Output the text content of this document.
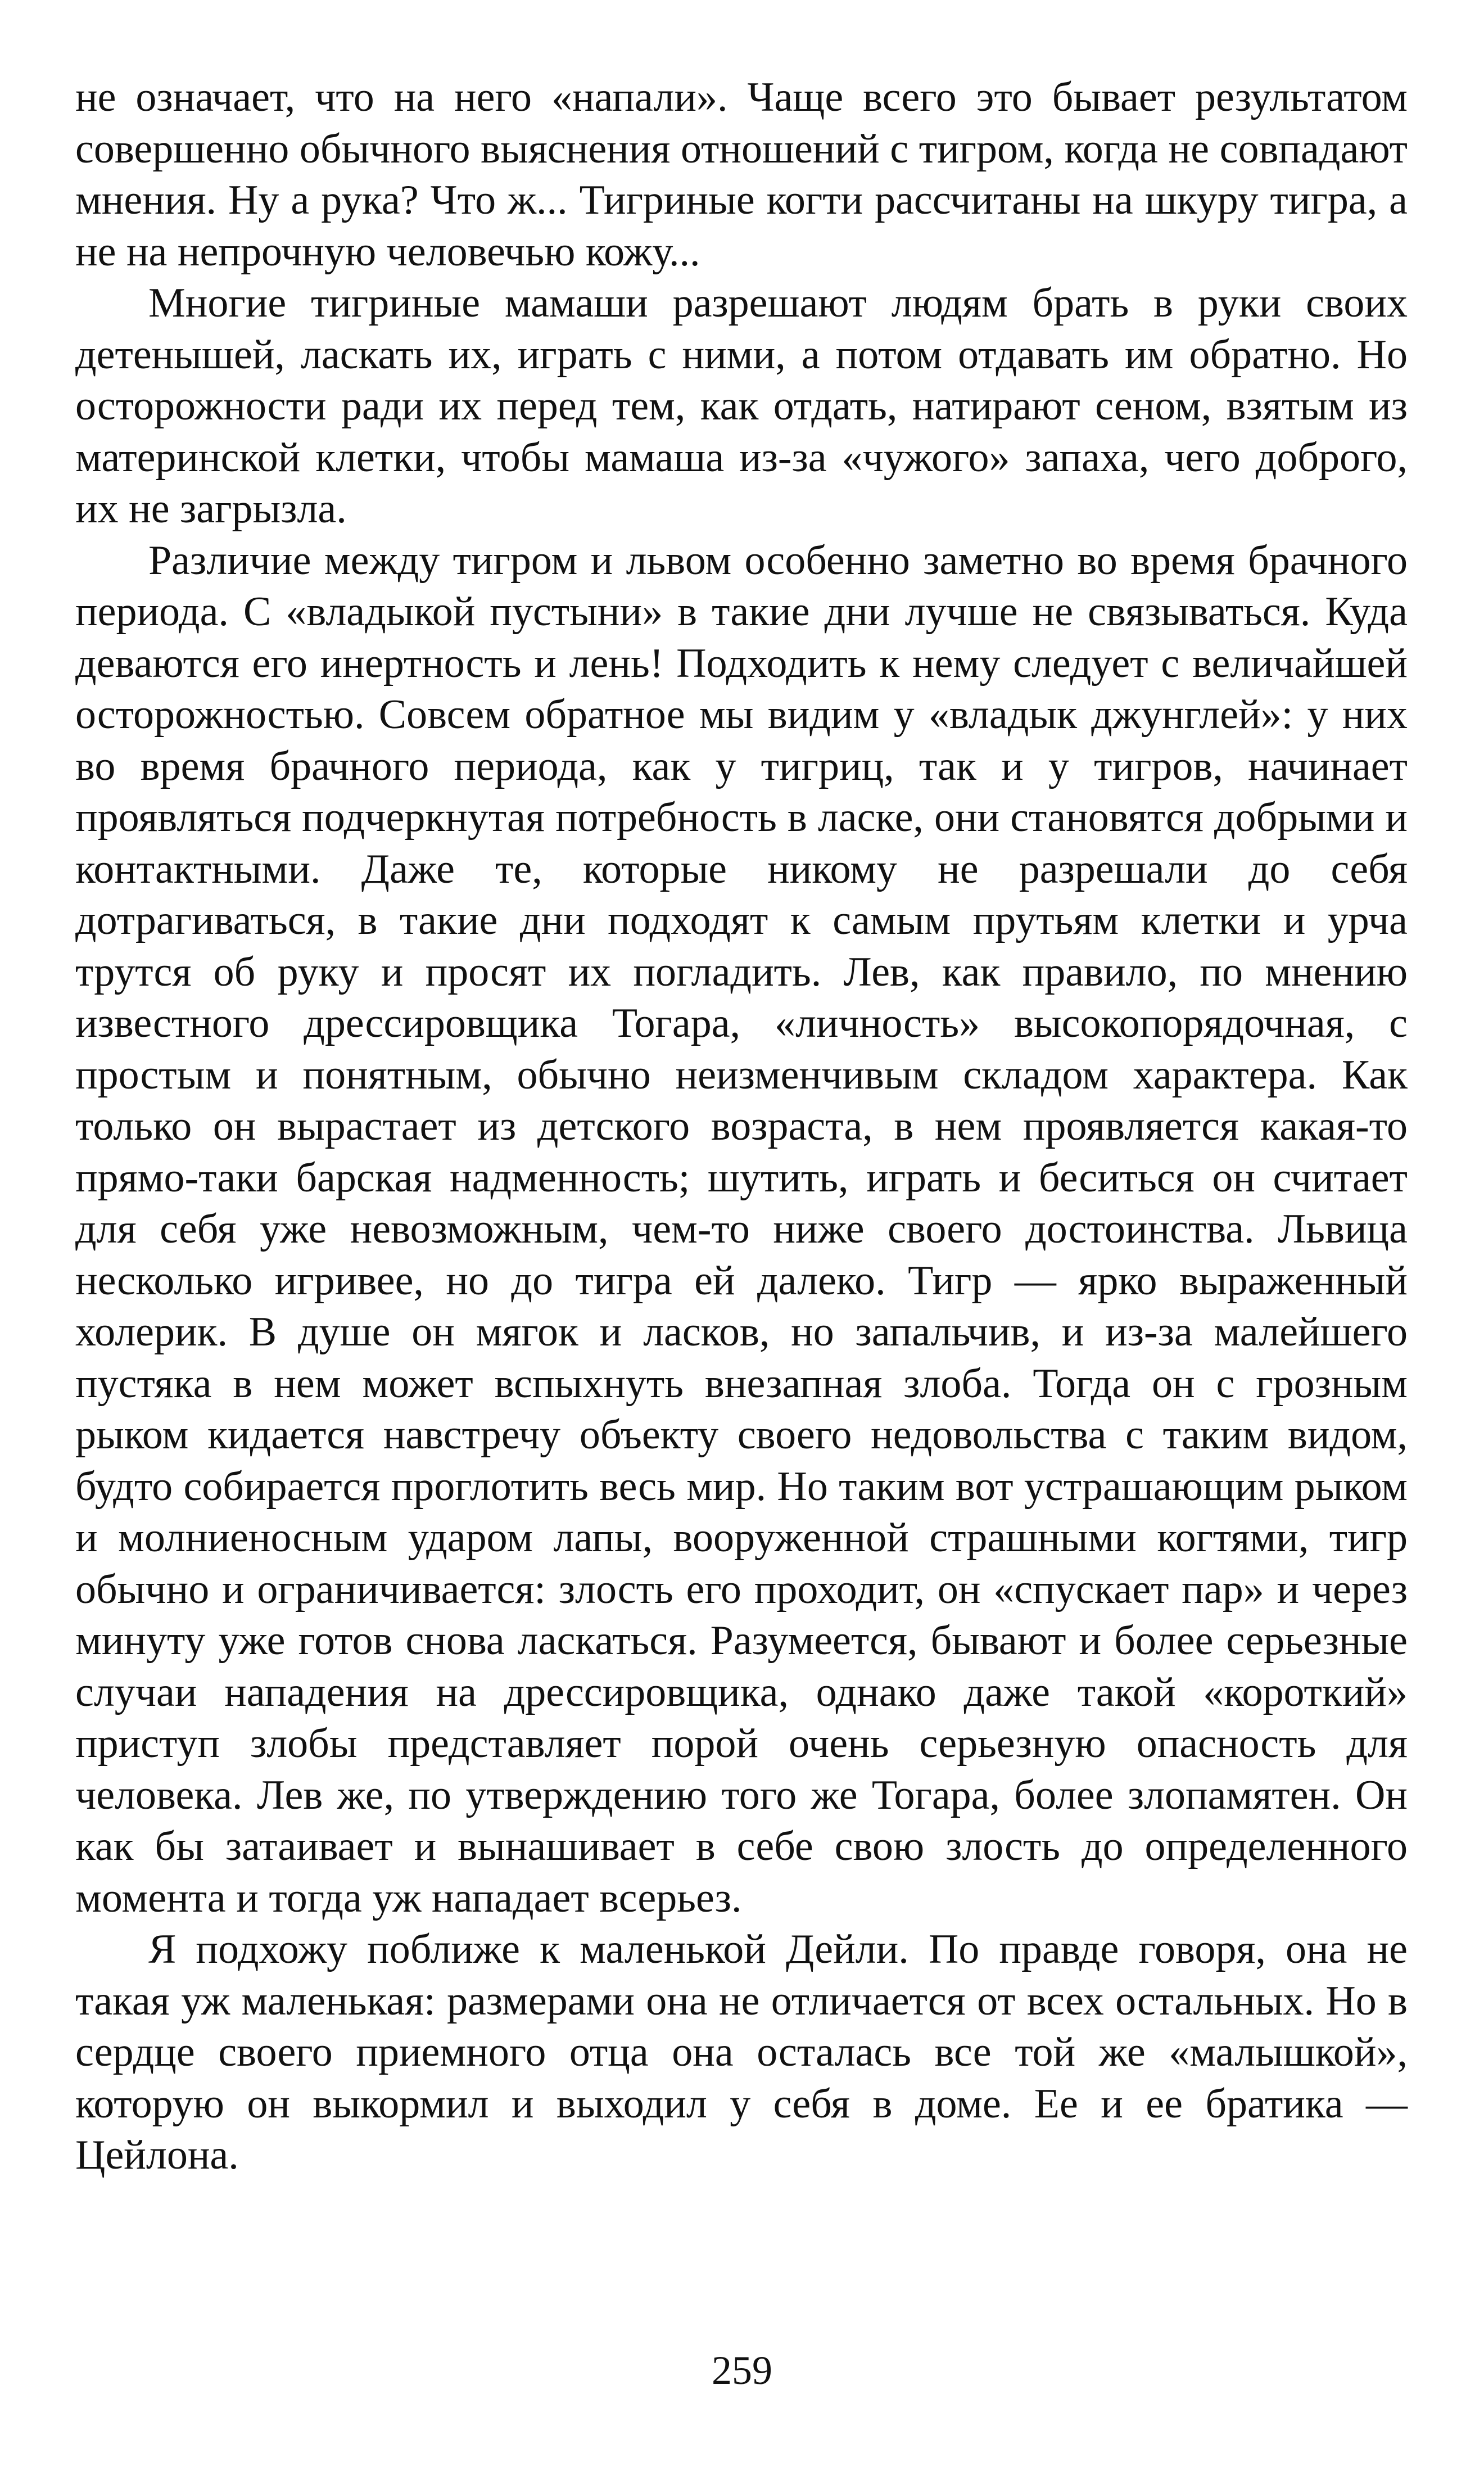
не означает, что на него «напали». Чаще всего это бывает результатом совершенно обычного выяснения отношений с тигром, когда не совпадают мнения. Ну а рука? Что ж... Тигриные когти рассчитаны на шкуру тигра, а не на непрочную человечью кожу...

Многие тигриные мамаши разрешают людям брать в руки своих детенышей, ласкать их, играть с ними, а потом отдавать им обратно. Но осторожности ради их перед тем, как отдать, натирают сеном, взятым из материнской клетки, чтобы мамаша из-за «чужого» запаха, чего доброго, их не загрызла.

Различие между тигром и львом особенно заметно во время брачного периода. С «владыкой пустыни» в такие дни лучше не связываться. Куда деваются его инертность и лень! Подходить к нему следует с величайшей осторожностью. Совсем обратное мы видим у «владык джунглей»: у них во время брачного периода, как у тигриц, так и у тигров, начинает проявляться подчеркнутая потребность в ласке, они становятся добрыми и контактными. Даже те, которые никому не разрешали до себя дотрагиваться, в такие дни подходят к самым прутьям клетки и урча трутся об руку и просят их погладить. Лев, как правило, по мнению известного дрессировщика Тогара, «личность» высокопорядочная, с простым и понятным, обычно неизменчивым складом характера. Как только он вырастает из детского возраста, в нем проявляется какая-то прямо-таки барская надменность; шутить, играть и беситься он считает для себя уже невозможным, чем-то ниже своего достоинства. Львица несколько игривее, но до тигра ей далеко. Тигр — ярко выраженный холерик. В душе он мягок и ласков, но запальчив, и из-за малейшего пустяка в нем может вспыхнуть внезапная злоба. Тогда он с грозным рыком кидается навстречу объекту своего недовольства с таким видом, будто собирается проглотить весь мир. Но таким вот устрашающим рыком и молниеносным ударом лапы, вооруженной страшными когтями, тигр обычно и ограничивается: злость его проходит, он «спускает пар» и через минуту уже готов снова ласкаться. Разумеется, бывают и более серьезные случаи нападения на дрессировщика, однако даже такой «короткий» приступ злобы представляет порой очень серьезную опасность для человека. Лев же, по утверждению того же Тогара, более злопамятен. Он как бы затаивает и вынашивает в себе свою злость до определенного момента и тогда уж нападает всерьез.

Я подхожу поближе к маленькой Дейли. По правде говоря, она не такая уж маленькая: размерами она не отличается от всех остальных. Но в сердце своего приемного отца она осталась все той же «малышкой», которую он выкормил и выходил у себя в доме. Ее и ее братика — Цейлона.

259
